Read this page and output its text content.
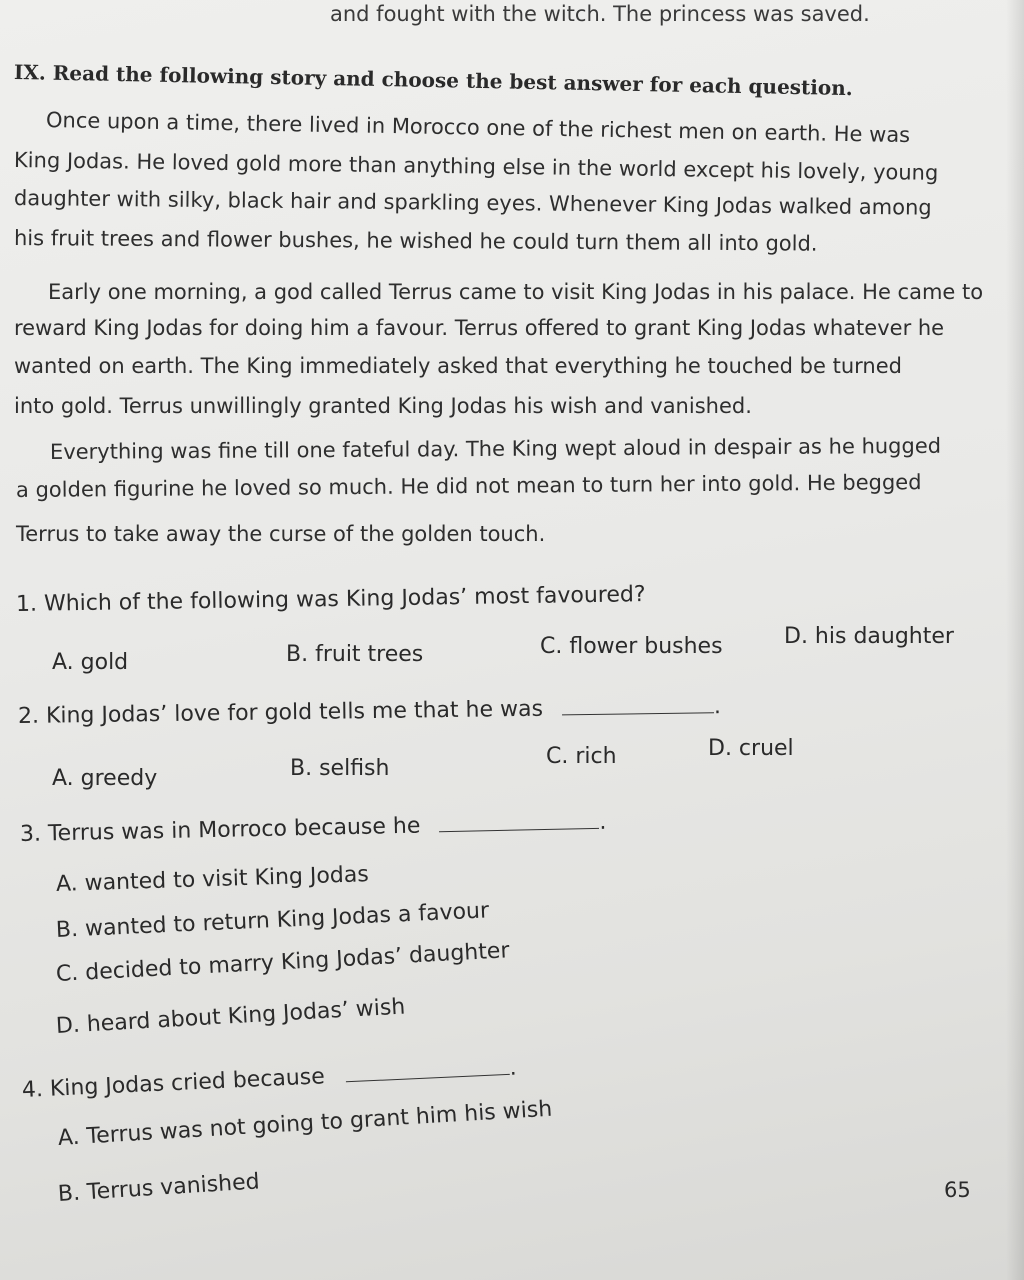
and fought with the witch. The princess was saved.
IX. Read the following story and choose the best answer for each question.
Once upon a time, there lived in Morocco one of the richest men on earth. He was
King Jodas. He loved gold more than anything else in the world except his lovely, young
daughter with silky, black hair and sparkling eyes. Whenever King Jodas walked among
his fruit trees and flower bushes, he wished he could turn them all into gold.
Early one morning, a god called Terrus came to visit King Jodas in his palace. He came to
reward King Jodas for doing him a favour. Terrus offered to grant King Jodas whatever he
wanted on earth. The King immediately asked that everything he touched be turned
into gold. Terrus unwillingly granted King Jodas his wish and vanished.
Everything was fine till one fateful day. The King wept aloud in despair as he hugged
a golden figurine he loved so much. He did not mean to turn her into gold. He begged
Terrus to take away the curse of the golden touch.
1. Which of the following was King Jodas’ most favoured?
A. gold	B. fruit trees	C. flower bushes	D. his daughter
2. King Jodas’ love for gold tells me that he was	.
A. greedy	B. selfish	C. rich	D. cruel
3. Terrus was in Morroco because he	.
A. wanted to visit King Jodas
B. wanted to return King Jodas a favour
C. decided to marry King Jodas’ daughter
D. heard about King Jodas’ wish
4. King Jodas cried because	.
A. Terrus was not going to grant him his wish
B. Terrus vanished	65
